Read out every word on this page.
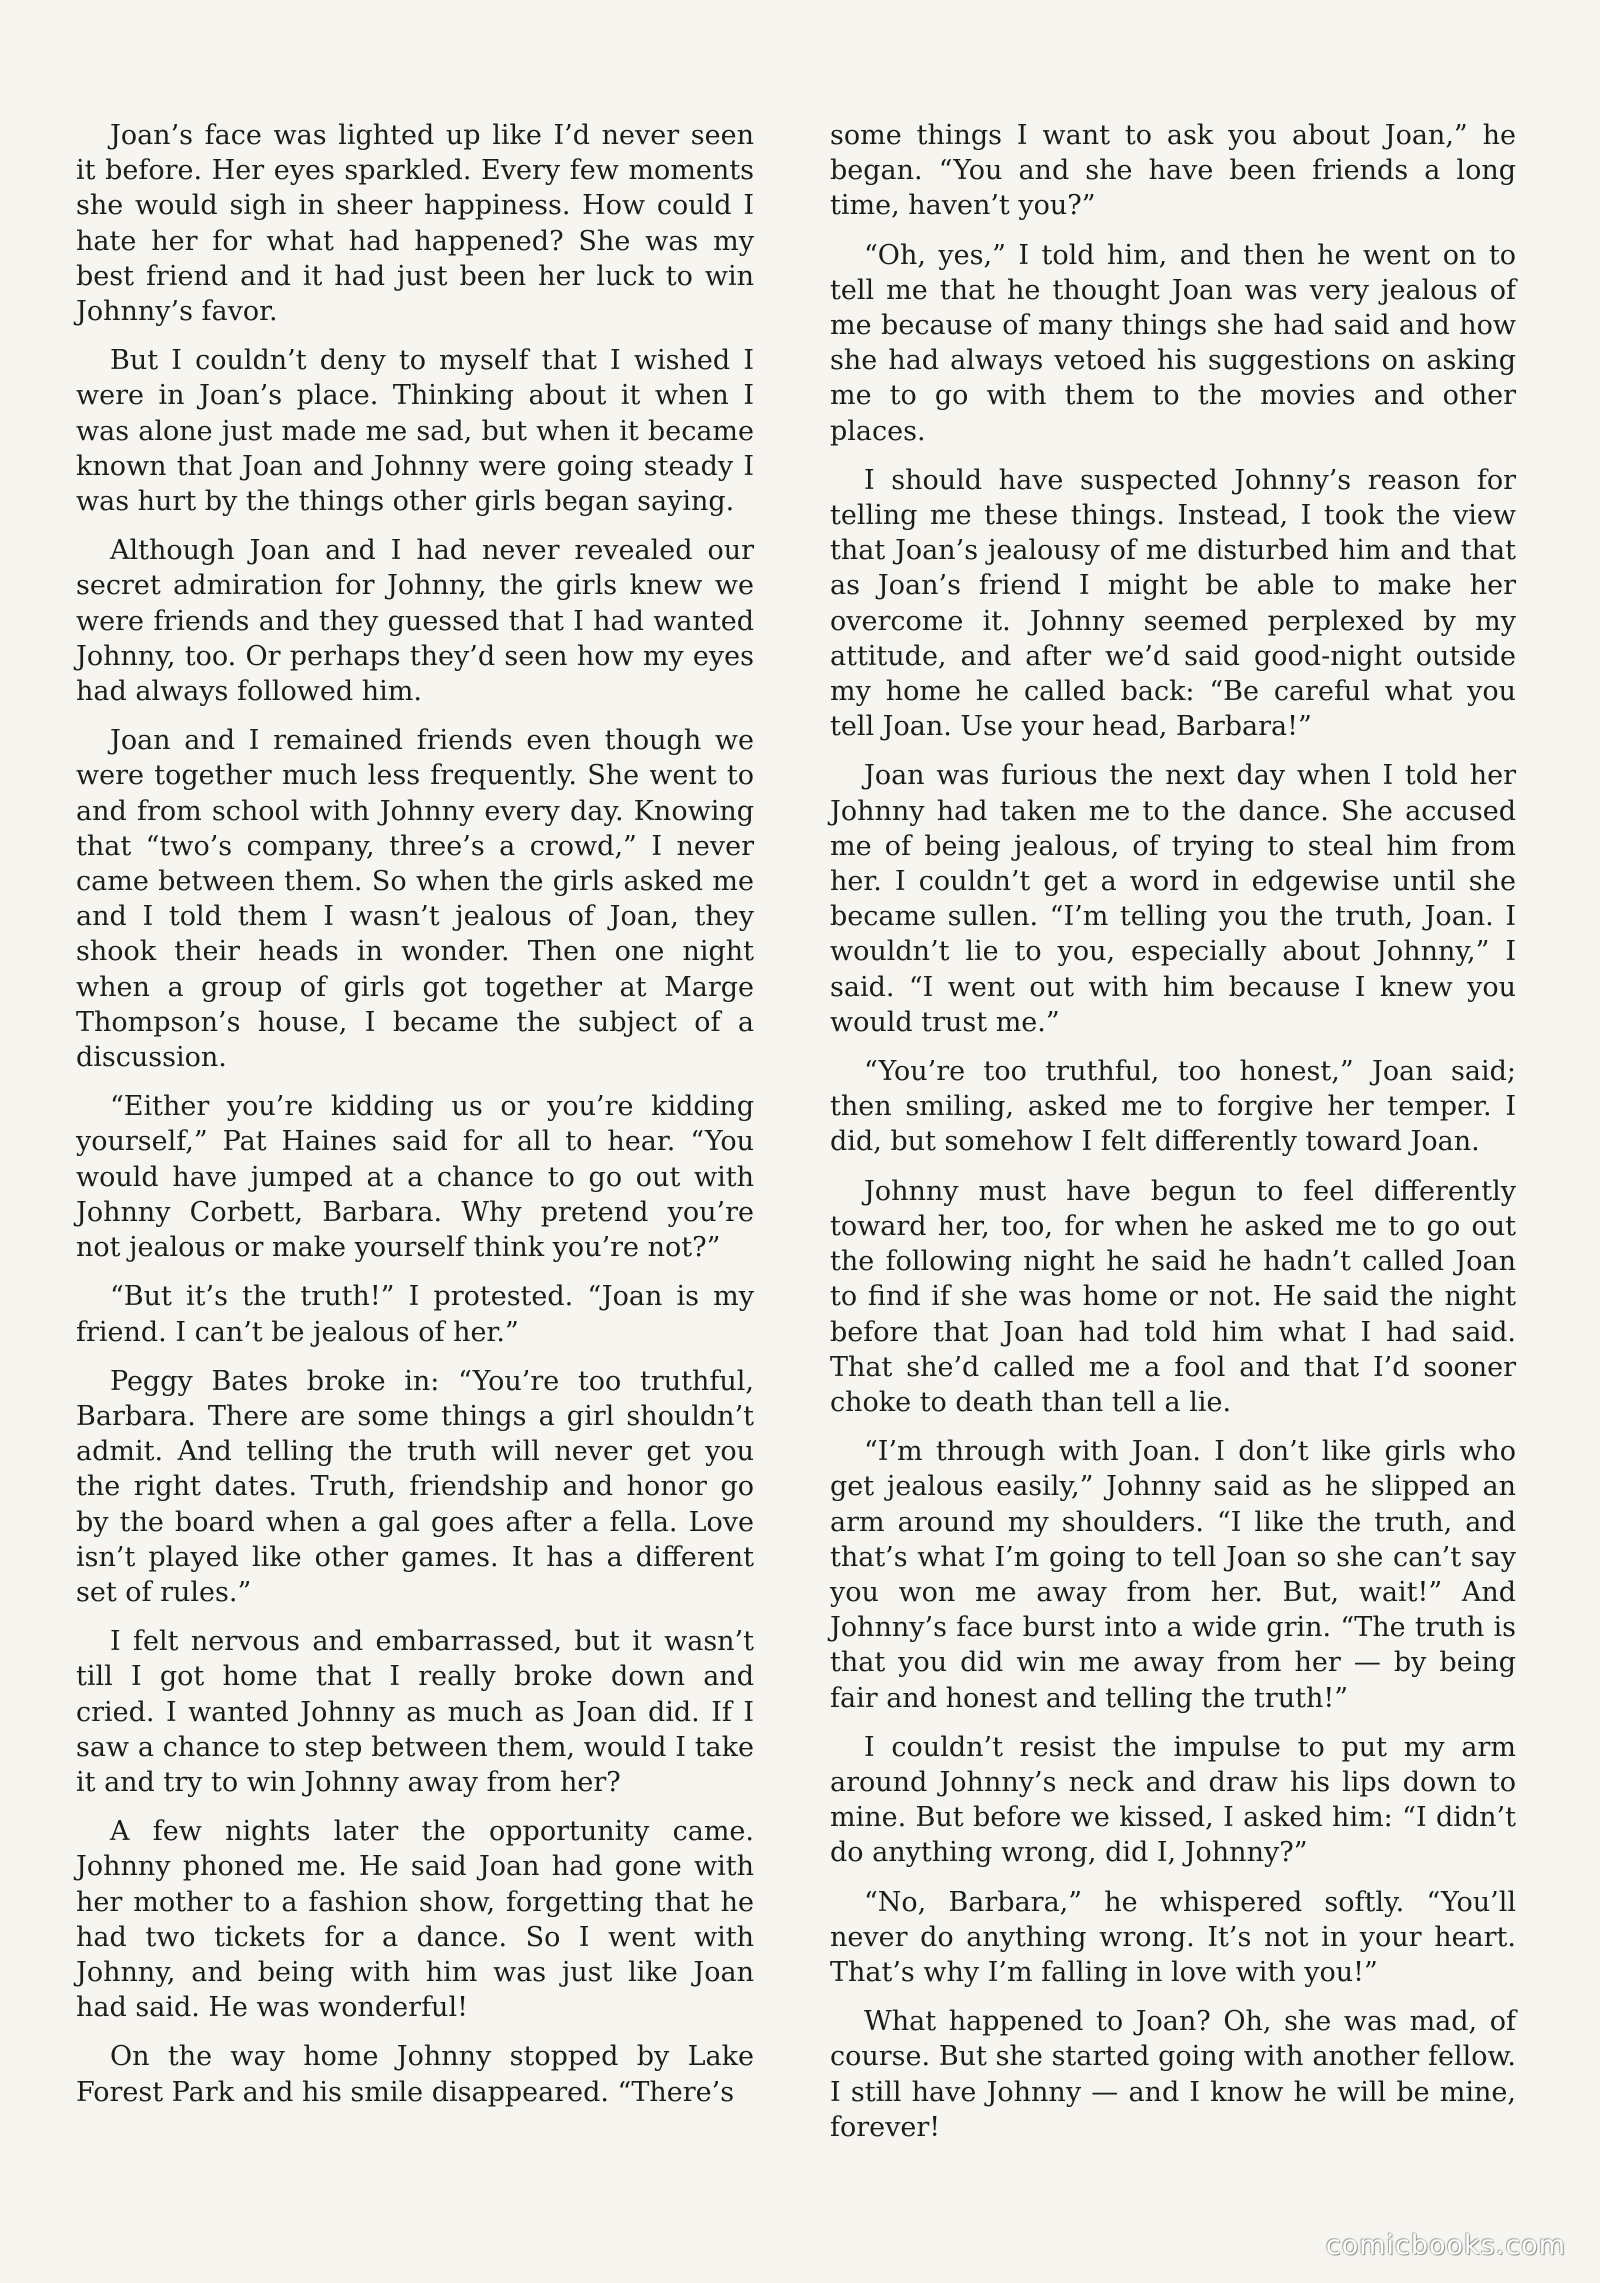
Joan’s face was lighted up like I’d never seen it before. Her eyes sparkled. Every few moments she would sigh in sheer happiness. How could I hate her for what had happened? She was my best friend and it had just been her luck to win Johnny’s favor.

But I couldn’t deny to myself that I wished I were in Joan’s place. Thinking about it when I was alone just made me sad, but when it became known that Joan and Johnny were going steady I was hurt by the things other girls began saying.

Although Joan and I had never revealed our secret admiration for Johnny, the girls knew we were friends and they guessed that I had wanted Johnny, too. Or perhaps they’d seen how my eyes had always followed him.

Joan and I remained friends even though we were together much less frequently. She went to and from school with Johnny every day. Knowing that “two’s company, three’s a crowd,” I never came between them. So when the girls asked me and I told them I wasn’t jealous of Joan, they shook their heads in wonder. Then one night when a group of girls got together at Marge Thompson’s house, I became the subject of a discussion.

“Either you’re kidding us or you’re kidding yourself,” Pat Haines said for all to hear. “You would have jumped at a chance to go out with Johnny Corbett, Barbara. Why pretend you’re not jealous or make yourself think you’re not?”

“But it’s the truth!” I protested. “Joan is my friend. I can’t be jealous of her.”

Peggy Bates broke in: “You’re too truthful, Barbara. There are some things a girl shouldn’t admit. And telling the truth will never get you the right dates. Truth, friendship and honor go by the board when a gal goes after a fella. Love isn’t played like other games. It has a different set of rules.”

I felt nervous and embarrassed, but it wasn’t till I got home that I really broke down and cried. I wanted Johnny as much as Joan did. If I saw a chance to step between them, would I take it and try to win Johnny away from her?

A few nights later the opportunity came. Johnny phoned me. He said Joan had gone with her mother to a fashion show, forgetting that he had two tickets for a dance. So I went with Johnny, and being with him was just like Joan had said. He was wonderful!

On the way home Johnny stopped by Lake Forest Park and his smile disappeared. “There’s

some things I want to ask you about Joan,” he began. “You and she have been friends a long time, haven’t you?”

“Oh, yes,” I told him, and then he went on to tell me that he thought Joan was very jealous of me because of many things she had said and how she had always vetoed his suggestions on asking me to go with them to the movies and other places.

I should have suspected Johnny’s reason for telling me these things. Instead, I took the view that Joan’s jealousy of me disturbed him and that as Joan’s friend I might be able to make her overcome it. Johnny seemed perplexed by my attitude, and after we’d said good-night outside my home he called back: “Be careful what you tell Joan. Use your head, Barbara!”

Joan was furious the next day when I told her Johnny had taken me to the dance. She accused me of being jealous, of trying to steal him from her. I couldn’t get a word in edgewise until she became sullen. “I’m telling you the truth, Joan. I wouldn’t lie to you, especially about Johnny,” I said. “I went out with him because I knew you would trust me.”

“You’re too truthful, too honest,” Joan said; then smiling, asked me to forgive her temper. I did, but somehow I felt differently toward Joan.

Johnny must have begun to feel differently toward her, too, for when he asked me to go out the following night he said he hadn’t called Joan to find if she was home or not. He said the night before that Joan had told him what I had said. That she’d called me a fool and that I’d sooner choke to death than tell a lie.

“I’m through with Joan. I don’t like girls who get jealous easily,” Johnny said as he slipped an arm around my shoulders. “I like the truth, and that’s what I’m going to tell Joan so she can’t say you won me away from her. But, wait!” And Johnny’s face burst into a wide grin. “The truth is that you did win me away from her — by being fair and honest and telling the truth!”

I couldn’t resist the impulse to put my arm around Johnny’s neck and draw his lips down to mine. But before we kissed, I asked him: “I didn’t do anything wrong, did I, Johnny?”

“No, Barbara,” he whispered softly. “You’ll never do anything wrong. It’s not in your heart. That’s why I’m falling in love with you!”

What happened to Joan? Oh, she was mad, of course. But she started going with another fellow. I still have Johnny — and I know he will be mine, forever!

comicbooks.com
